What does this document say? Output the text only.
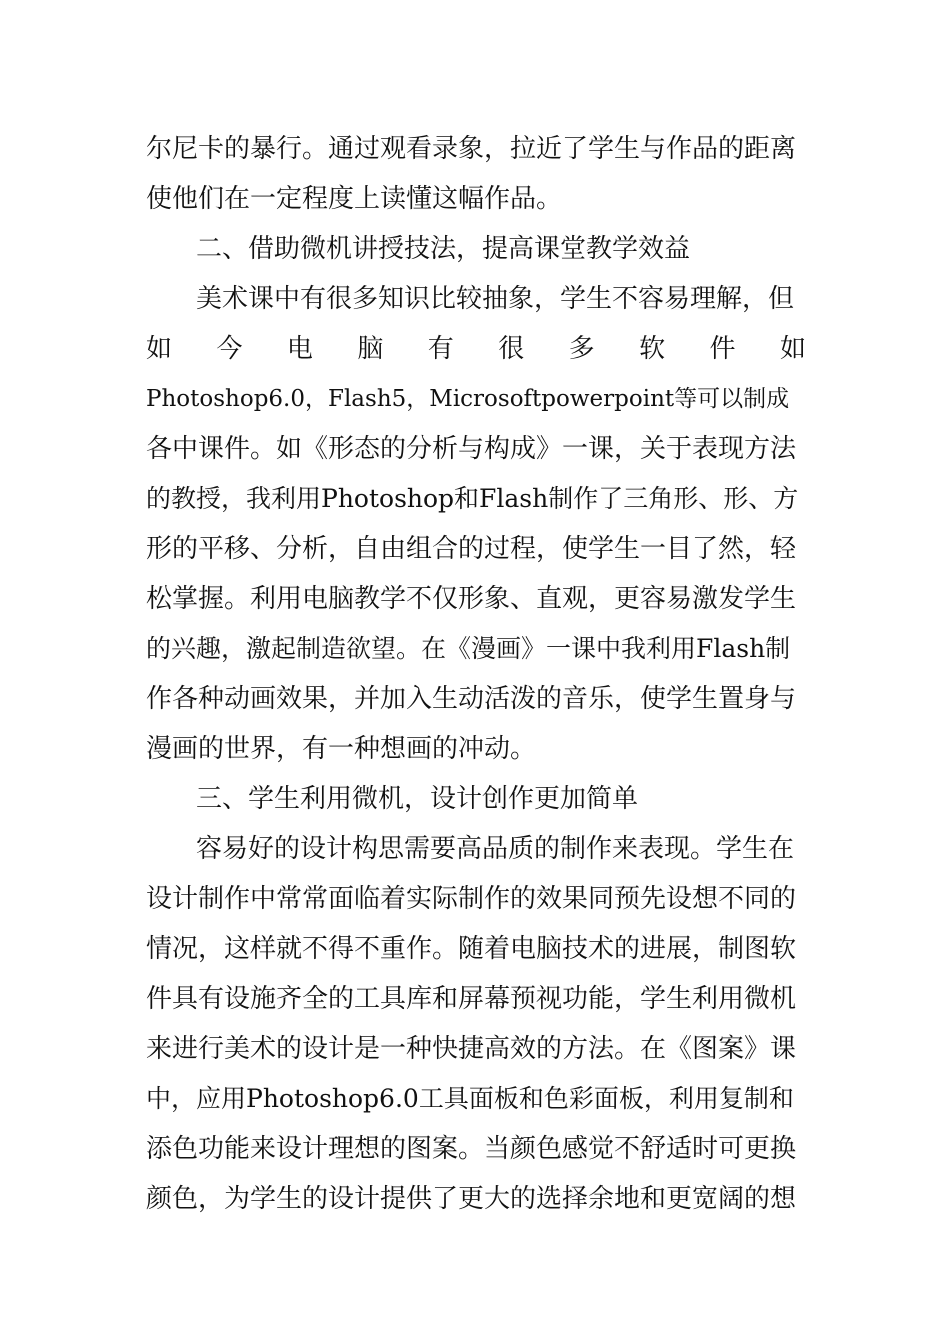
尔尼卡的暴行。通过观看录象，拉近了学生与作品的距离
使他们在一定程度上读懂这幅作品。
二、借助微机讲授技法，提高课堂教学效益
美术课中有很多知识比较抽象，学生不容易理解，但
如 今 电 脑 有 很 多 软 件 如
Photoshop6.0，Flash5，Microsoftpowerpoint等可以制成
各中课件。如《形态的分析与构成》一课，关于表现方法
的教授，我利用Photoshop和Flash制作了三角形、形、方
形的平移、分析，自由组合的过程，使学生一目了然，轻
松掌握。利用电脑教学不仅形象、直观，更容易激发学生
的兴趣，激起制造欲望。在《漫画》一课中我利用Flash制
作各种动画效果，并加入生动活泼的音乐，使学生置身与
漫画的世界，有一种想画的冲动。
三、学生利用微机，设计创作更加简单
容易好的设计构思需要高品质的制作来表现。学生在
设计制作中常常面临着实际制作的效果同预先设想不同的
情况，这样就不得不重作。随着电脑技术的进展，制图软
件具有设施齐全的工具库和屏幕预视功能，学生利用微机
来进行美术的设计是一种快捷高效的方法。在《图案》课
中，应用Photoshop6.0工具面板和色彩面板，利用复制和
添色功能来设计理想的图案。当颜色感觉不舒适时可更换
颜色，为学生的设计提供了更大的选择余地和更宽阔的想
